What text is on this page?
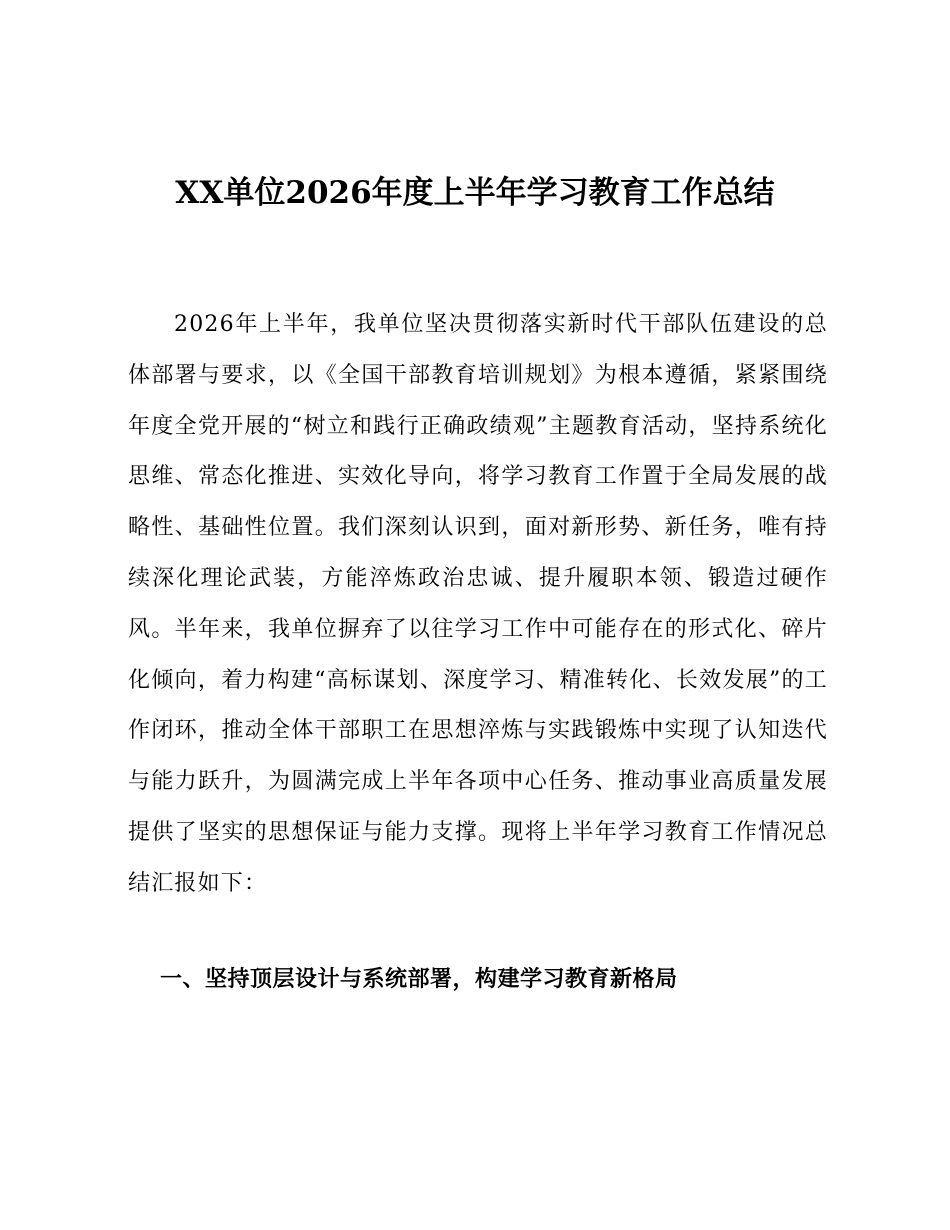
XX单位2026年度上半年学习教育工作总结

2026年上半年，我单位坚决贯彻落实新时代干部队伍建设的总体部署与要求，以《全国干部教育培训规划》为根本遵循，紧紧围绕年度全党开展的“树立和践行正确政绩观”主题教育活动，坚持系统化思维、常态化推进、实效化导向，将学习教育工作置于全局发展的战略性、基础性位置。我们深刻认识到，面对新形势、新任务，唯有持续深化理论武装，方能淬炼政治忠诚、提升履职本领、锻造过硬作风。半年来，我单位摒弃了以往学习工作中可能存在的形式化、碎片化倾向，着力构建“高标谋划、深度学习、精准转化、长效发展”的工作闭环，推动全体干部职工在思想淬炼与实践锻炼中实现了认知迭代与能力跃升，为圆满完成上半年各项中心任务、推动事业高质量发展提供了坚实的思想保证与能力支撑。现将上半年学习教育工作情况总结汇报如下：

一、坚持顶层设计与系统部署，构建学习教育新格局
